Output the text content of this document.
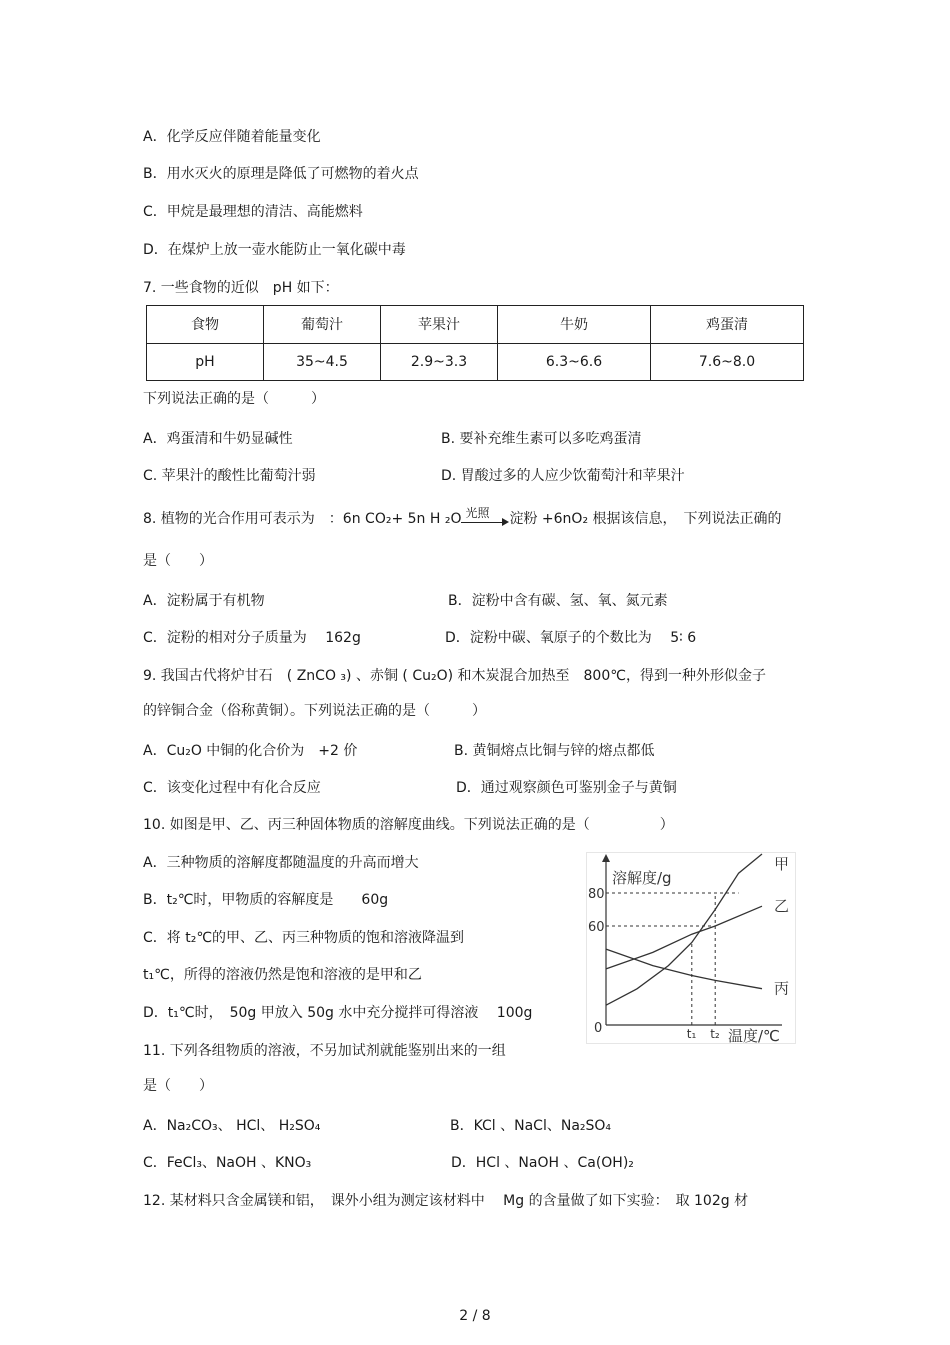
A．化学反应伴随着能量变化
B．用水灭火的原理是降低了可燃物的着火点
C．甲烷是最理想的清洁、高能燃料
D．在煤炉上放一壶水能防止一氧化碳中毒
7. 一些食物的近似　pH 如下：
食物	葡萄汁	苹果汁	牛奶	鸡蛋清
pH	35~4.5	2.9~3.3	6.3~6.6	7.6~8.0
下列说法正确的是（　　　）
A．鸡蛋清和牛奶显碱性	B. 要补充维生素可以多吃鸡蛋清
C. 苹果汁的酸性比葡萄汁弱	D. 胃酸过多的人应少饮葡萄汁和苹果汁
8. 植物的光合作用可表示为　：6n CO₂+ 5n H ₂O 光照 淀粉 +6nO₂ 根据该信息，　下列说法正确的
是（　　）
A．淀粉属于有机物	B．淀粉中含有碳、氢、氧、氮元素
C．淀粉的相对分子质量为　 162g	D．淀粉中碳、氧原子的个数比为　 5∶ 6
9. 我国古代将炉甘石　( ZnCO ₃) 、赤铜 ( Cu₂O) 和木炭混合加热至　800℃，得到一种外形似金子
的锌铜合金（俗称黄铜）。下列说法正确的是（　　　）
A．Cu₂O 中铜的化合价为　+2 价	B. 黄铜熔点比铜与锌的熔点都低
C．该变化过程中有化合反应	D．通过观察颜色可鉴别金子与黄铜
10. 如图是甲、乙、丙三种固体物质的溶解度曲线。下列说法正确的是（　　　　　）
A．三种物质的溶解度都随温度的升高而增大
B．t₂℃时，甲物质的容解度是　　60g
C．将 t₂℃的甲、乙、丙三种物质的饱和溶液降温到
t₁℃，所得的溶液仍然是饱和溶液的是甲和乙
D．t₁℃时，　50g 甲放入 50g 水中充分搅拌可得溶液　 100g
溶解度/g
温度/℃
0
80
60
t₁ t₂
甲
乙
丙
11. 下列各组物质的溶液，不另加试剂就能鉴别出来的一组
是（　　）
A．Na₂CO₃、 HCl、 H₂SO₄	B．KCl 、NaCl、Na₂SO₄
C．FeCl₃、NaOH 、KNO₃	D．HCl 、NaOH 、Ca(OH)₂
12. 某材料只含金属镁和铝，　课外小组为测定该材料中　 Mg 的含量做了如下实验：　取 102g 材
2 / 8
